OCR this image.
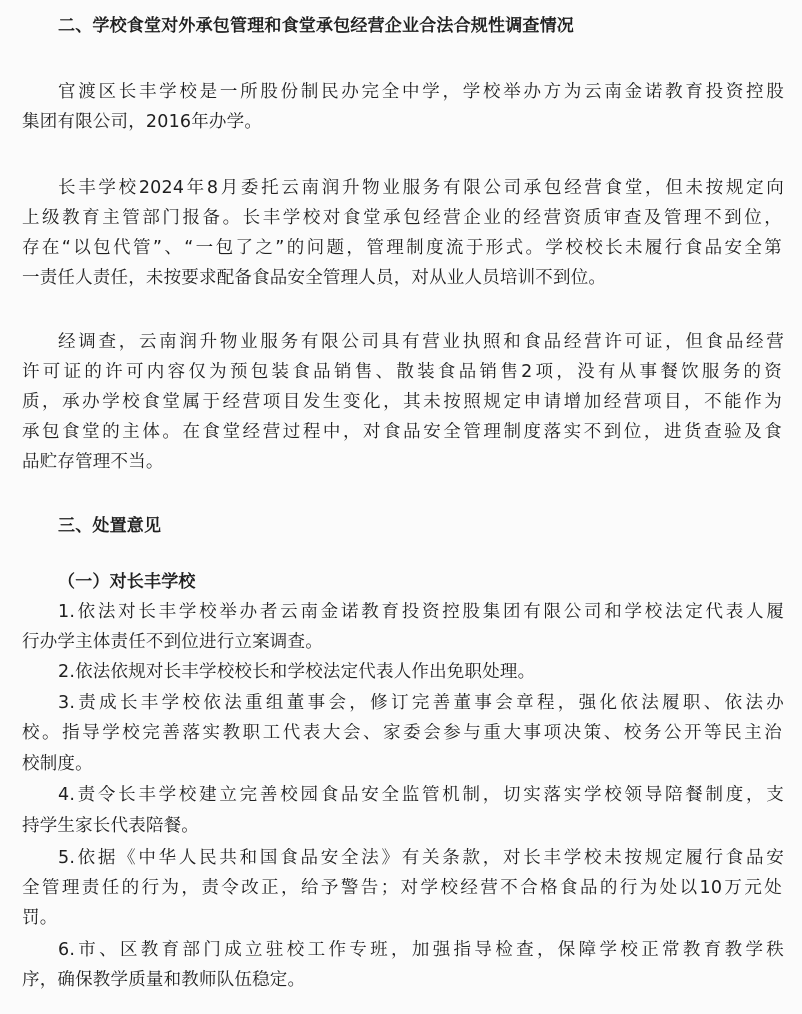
二、学校食堂对外承包管理和食堂承包经营企业合法合规性调查情况
官渡区长丰学校是一所股份制民办完全中学，学校举办方为云南金诺教育投资控股
集团有限公司，2016年办学。
长丰学校2024年8月委托云南润升物业服务有限公司承包经营食堂，但未按规定向
上级教育主管部门报备。长丰学校对食堂承包经营企业的经营资质审查及管理不到位，
存在“以包代管”、“一包了之”的问题，管理制度流于形式。学校校长未履行食品安全第
一责任人责任，未按要求配备食品安全管理人员，对从业人员培训不到位。
经调查，云南润升物业服务有限公司具有营业执照和食品经营许可证，但食品经营
许可证的许可内容仅为预包装食品销售、散装食品销售2项，没有从事餐饮服务的资
质，承办学校食堂属于经营项目发生变化，其未按照规定申请增加经营项目，不能作为
承包食堂的主体。在食堂经营过程中，对食品安全管理制度落实不到位，进货查验及食
品贮存管理不当。
三、处置意见
（一）对长丰学校
1.依法对长丰学校举办者云南金诺教育投资控股集团有限公司和学校法定代表人履
行办学主体责任不到位进行立案调查。
2.依法依规对长丰学校校长和学校法定代表人作出免职处理。
3.责成长丰学校依法重组董事会，修订完善董事会章程，强化依法履职、依法办
校。指导学校完善落实教职工代表大会、家委会参与重大事项决策、校务公开等民主治
校制度。
4.责令长丰学校建立完善校园食品安全监管机制，切实落实学校领导陪餐制度，支
持学生家长代表陪餐。
5.依据《中华人民共和国食品安全法》有关条款，对长丰学校未按规定履行食品安
全管理责任的行为，责令改正，给予警告；对学校经营不合格食品的行为处以10万元处
罚。
6.市、区教育部门成立驻校工作专班，加强指导检查，保障学校正常教育教学秩
序，确保教学质量和教师队伍稳定。
